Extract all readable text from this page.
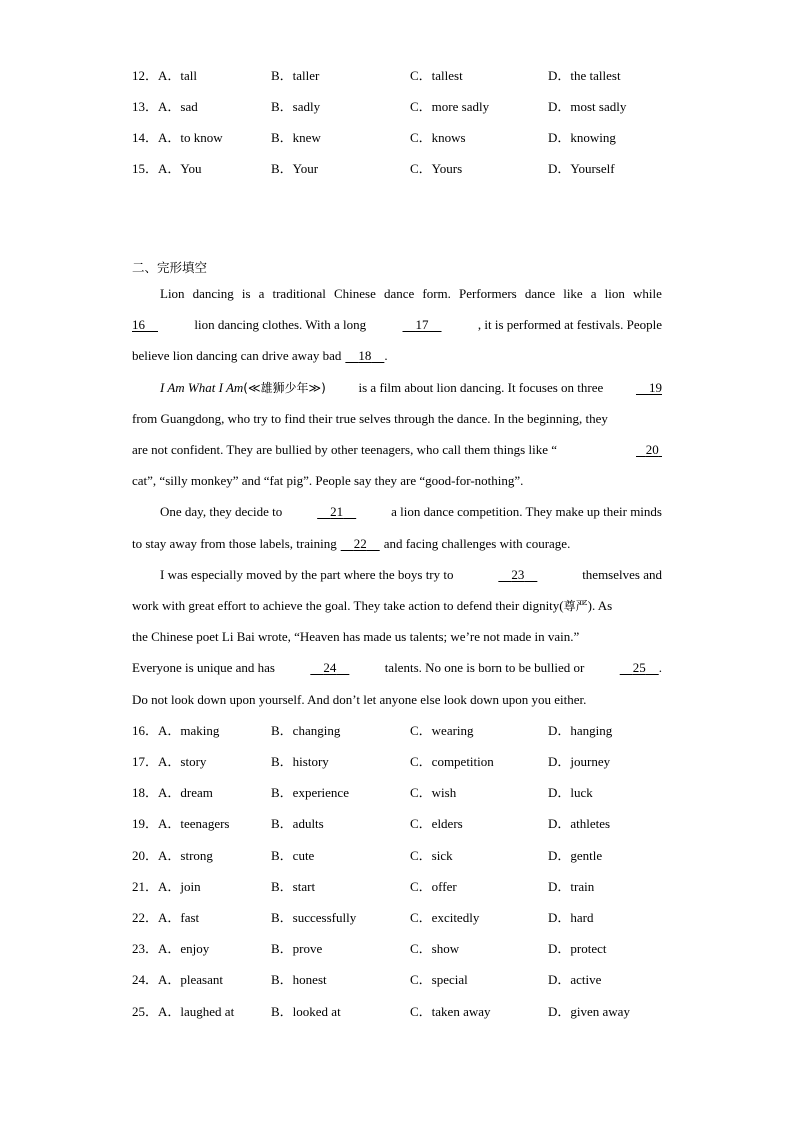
12．A．tall	B．taller	C．tallest	D．the tallest
13．A．sad	B．sadly	C．more sadly	D．most sadly
14．A．to know	B．knew	C．knows	D．knowing
15．A．You	B．Your	C．Yours	D．Yourself
二、完形填空
Lion dancing is a traditional Chinese dance form. Performers dance like a lion while
16	lion dancing clothes. With a long	17	, it is performed at festivals. People
believe lion dancing can drive away bad	18	.
I Am What I Am(≪雄狮少年≫)	is a film about lion dancing. It focuses on three	19
from Guangdong, who try to find their true selves through the dance. In the beginning, they
are not confident. They are bullied by other teenagers, who call them things like “	20
cat”, “silly monkey” and “fat pig”. People say they are “good-for-nothing”.
One day, they decide to	21	a lion dance competition. They make up their minds
to stay away from those labels, training	22	and facing challenges with courage.
I was especially moved by the part where the boys try to	23	themselves and
work with great effort to achieve the goal. They take action to defend their dignity(尊严). As
the Chinese poet Li Bai wrote, “Heaven has made us talents; we’re not made in vain.”
Everyone is unique and has	24	talents. No one is born to be bullied or	25 .
Do not look down upon yourself. And don’t let anyone else look down upon you either.
16．A．making	B．changing	C．wearing	D．hanging
17．A．story	B．history	C．competition	D．journey
18．A．dream	B．experience	C．wish	D．luck
19．A．teenagers	B．adults	C．elders	D．athletes
20．A．strong	B．cute	C．sick	D．gentle
21．A．join	B．start	C．offer	D．train
22．A．fast	B．successfully	C．excitedly	D．hard
23．A．enjoy	B．prove	C．show	D．protect
24．A．pleasant	B．honest	C．special	D．active
25．A．laughed at	B．looked at	C．taken away	D．given away
